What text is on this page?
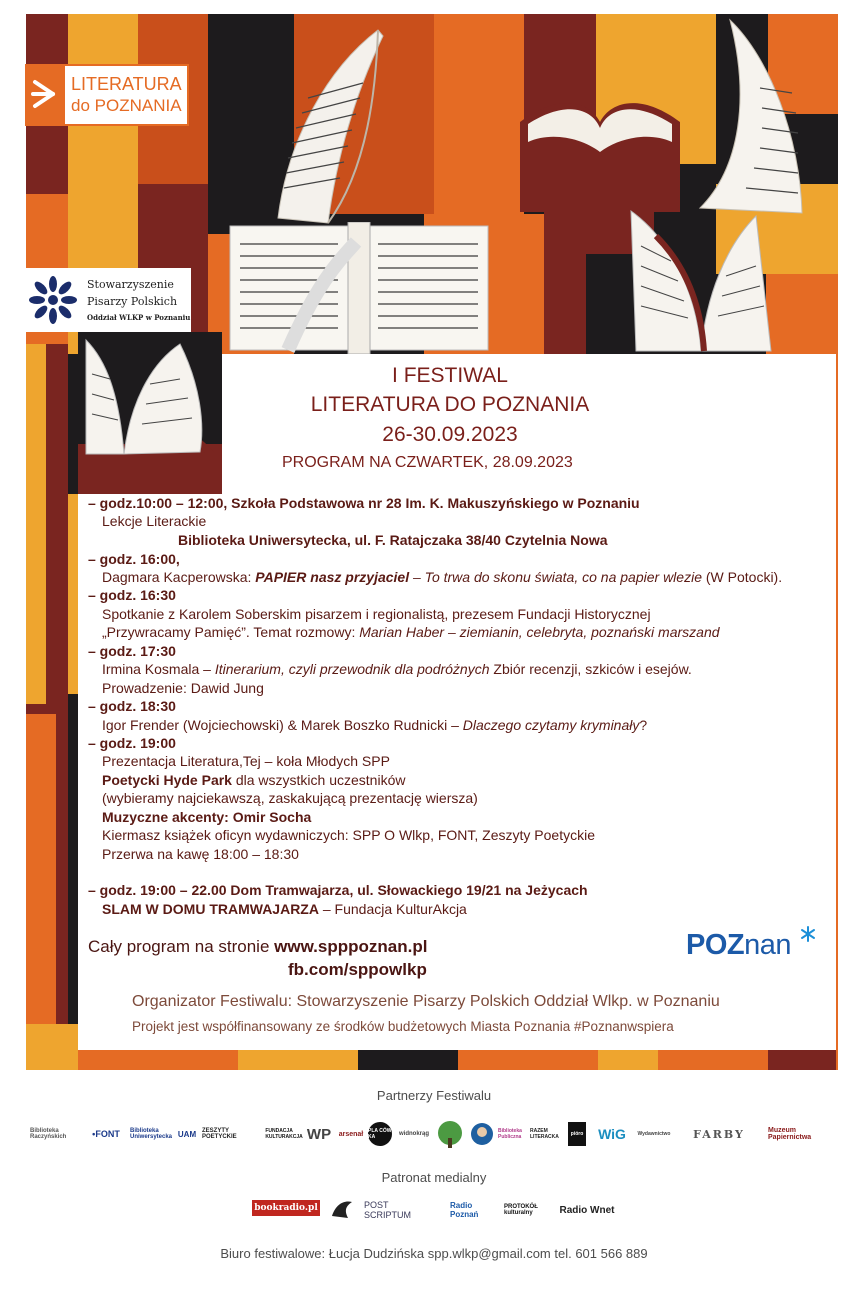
LITERATURA
do POZNANIA
Stowarzyszenie
Pisarzy Polskich
Oddział WLKP w Poznaniu
I FESTIWAL
LITERATURA DO POZNANIA
26-30.09.2023
PROGRAM NA CZWARTEK, 28.09.2023
– godz.10:00 – 12:00, Szkoła Podstawowa nr 28 Im. K. Makuszyńskiego w Poznaniu
Lekcje Literackie
Biblioteka Uniwersytecka, ul. F. Ratajczaka 38/40 Czytelnia Nowa
– godz. 16:00,
Dagmara Kacperowska: PAPIER nasz przyjaciel – To trwa do skonu świata, co na papier wlezie (W Potocki).
– godz. 16:30
Spotkanie z Karolem Soberskim pisarzem i regionalistą, prezesem Fundacji Historycznej
„Przywracamy Pamięć”. Temat rozmowy: Marian Haber – ziemianin, celebryta, poznański marszand
– godz. 17:30
Irmina Kosmala – Itinerarium, czyli przewodnik dla podróżnych Zbiór recenzji, szkiców i esejów.
Prowadzenie: Dawid Jung
– godz. 18:30
Igor Frender (Wojciechowski) & Marek Boszko Rudnicki – Dlaczego czytamy kryminały?
– godz. 19:00
Prezentacja Literatura,Tej – koła Młodych SPP
Poetycki Hyde Park dla wszystkich uczestników
(wybieramy najciekawszą, zaskakującą prezentację wiersza)
Muzyczne akcenty: Omir Socha
Kiermasz książek oficyn wydawniczych: SPP O Wlkp, FONT, Zeszyty Poetyckie
Przerwa na kawę 18:00 – 18:30
– godz. 19:00 – 22.00 Dom Tramwajarza, ul. Słowackiego 19/21 na Jeżycach
SLAM W DOMU TRAMWAJARZA – Fundacja KulturAkcja
Cały program na stronie www.spppoznan.pl
fb.com/sppowlkp
POZnan
Organizator Festiwalu: Stowarzyszenie Pisarzy Polskich Oddział Wlkp. w Poznaniu
Projekt jest współfinansowany ze środków budżetowych Miasta Poznania #Poznanwspiera
Partnerzy Festiwalu
Biblioteka Raczyńskich	•FONT	Biblioteka Uniwersytecka UAM ZESZYTY POETYCKIE
FUNDACJA KULTURAKCJA WP	arsenał PLA CÓW KA	widnokrąg	Biblioteka Publiczna
RAZEM LITERACKA	pióro	WiG	Wydawnictwo	FARBY	Muzeum Papiernictwa
Patronat medialny
bookradio.pl	POST SCRIPTUM
Radio Poznań
PROTOKÓŁ kulturalny	Radio Wnet
Biuro festiwalowe: Łucja Dudzińska spp.wlkp@gmail.com tel. 601 566 889
